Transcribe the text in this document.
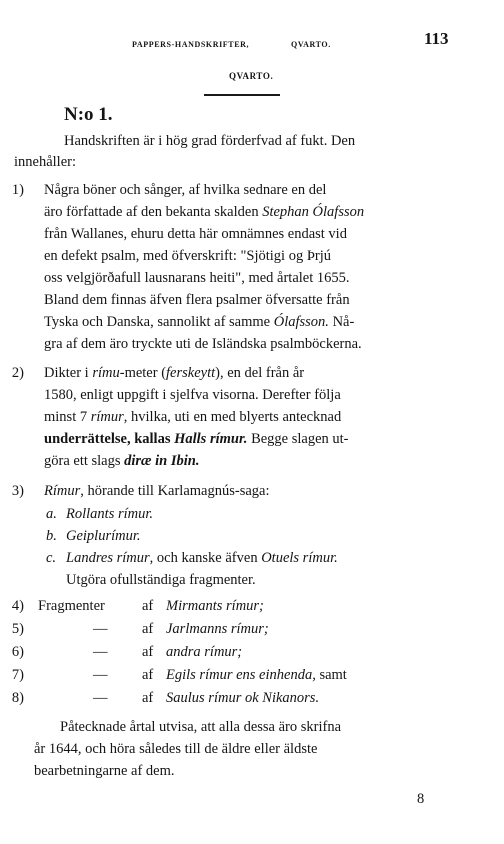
PAPPERS-HANDSKRIFTER,	QVARTO.	113
QVARTO.
N:o 1.
Handskriften är i hög grad förderfvad af fukt. Den
innehåller:
1) Några böner och sånger, af hvilka sednare en del
äro författade af den bekanta skalden Stephan Ólafsson
från Wallanes, ehuru detta här omnämnes endast vid
en defekt psalm, med öfverskrift: "Sjötigi og Þrjú
oss velgjörðafull lausnarans heiti", med årtalet 1655.
Bland dem finnas äfven flera psalmer öfversatte från
Tyska och Danska, sannolikt af samme Ólafsson. Nå-
gra af dem äro tryckte uti de Isländska psalmböckerna.
2) Dikter i rímu-meter (ferskeytt), en del från år
1580, enligt uppgift i sjelfva visorna. Derefter följa
minst 7 rímur, hvilka, uti en med blyerts antecknad
underrättelse, kallas Halls rímur. Begge slagen ut-
göra ett slags diræ in Ibin.
3) Rímur, hörande till Karlamagnús-saga:
a. Rollants rímur.
b. Geiplurímur.
c. Landres rímur, och kanske äfven Otuels rímur.
Utgöra ofullständiga fragmenter.
4) Fragmenter	af Mirmants rímur;
5)	— af Jarlmanns rímur;
6)	— af andra rímur;
7)	— af Egils rímur ens einhenda, samt
8)	— af Saulus rímur ok Nikanors.
Påtecknade årtal utvisa, att alla dessa äro skrifna
år 1644, och höra således till de äldre eller äldste
bearbetningarne af dem.
8
